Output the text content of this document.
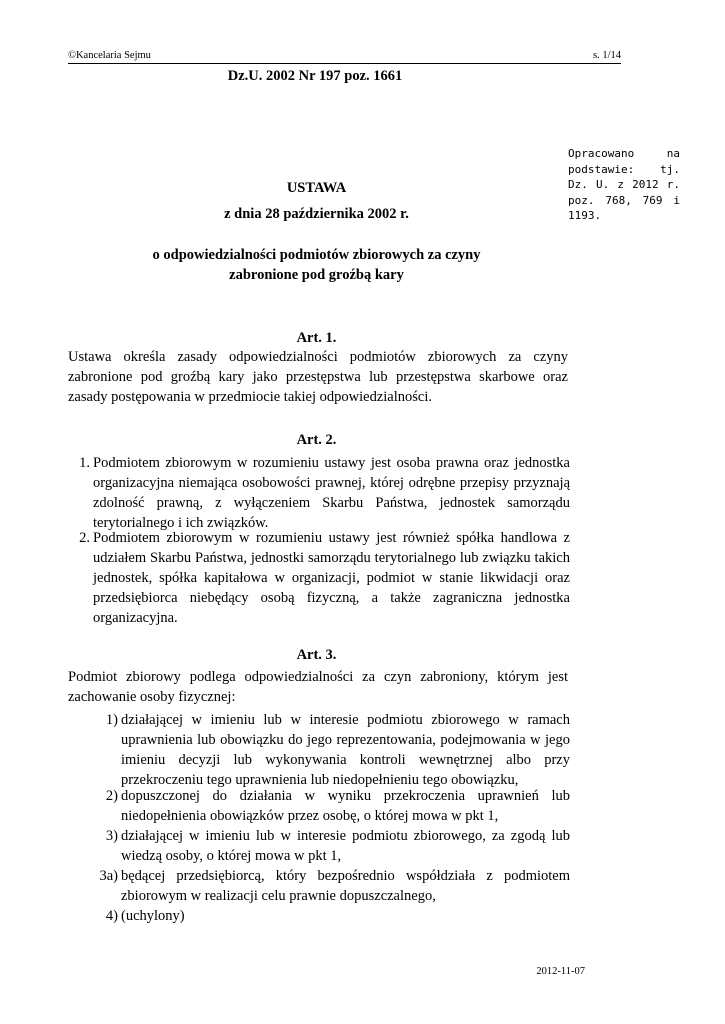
©Kancelaria Sejmu	s. 1/14
Dz.U. 2002 Nr 197 poz. 1661
Opracowano na podstawie: tj. Dz. U. z 2012 r. poz. 768, 769 i 1193.
USTAWA
z dnia 28 października 2002 r.
o odpowiedzialności podmiotów zbiorowych za czyny
zabronione pod groźbą kary
Art. 1.

Ustawa określa zasady odpowiedzialności podmiotów zbiorowych za czyny zabronione pod groźbą kary jako przestępstwa lub przestępstwa skarbowe oraz zasady postępowania w przedmiocie takiej odpowiedzialności.

Art. 2.
1. Podmiotem zbiorowym w rozumieniu ustawy jest osoba prawna oraz jednostka organizacyjna niemająca osobowości prawnej, której odrębne przepisy przyznają zdolność prawną, z wyłączeniem Skarbu Państwa, jednostek samorządu terytorialnego i ich związków.

2. Podmiotem zbiorowym w rozumieniu ustawy jest również spółka handlowa z udziałem Skarbu Państwa, jednostki samorządu terytorialnego lub związku takich jednostek, spółka kapitałowa w organizacji, podmiot w stanie likwidacji oraz przedsiębiorca niebędący osobą fizyczną, a także zagraniczna jednostka organizacyjna.

Art. 3.

Podmiot zbiorowy podlega odpowiedzialności za czyn zabroniony, którym jest zachowanie osoby fizycznej:

1) działającej w imieniu lub w interesie podmiotu zbiorowego w ramach uprawnienia lub obowiązku do jego reprezentowania, podejmowania w jego imieniu decyzji lub wykonywania kontroli wewnętrznej albo przy przekroczeniu tego uprawnienia lub niedopełnieniu tego obowiązku,

2) dopuszczonej do działania w wyniku przekroczenia uprawnień lub niedopełnienia obowiązków przez osobę, o której mowa w pkt 1,

3) działającej w imieniu lub w interesie podmiotu zbiorowego, za zgodą lub wiedzą osoby, o której mowa w pkt 1,

3a) będącej przedsiębiorcą, który bezpośrednio współdziała z podmiotem zbiorowym w realizacji celu prawnie dopuszczalnego,

4) (uchylony)

2012-11-07
